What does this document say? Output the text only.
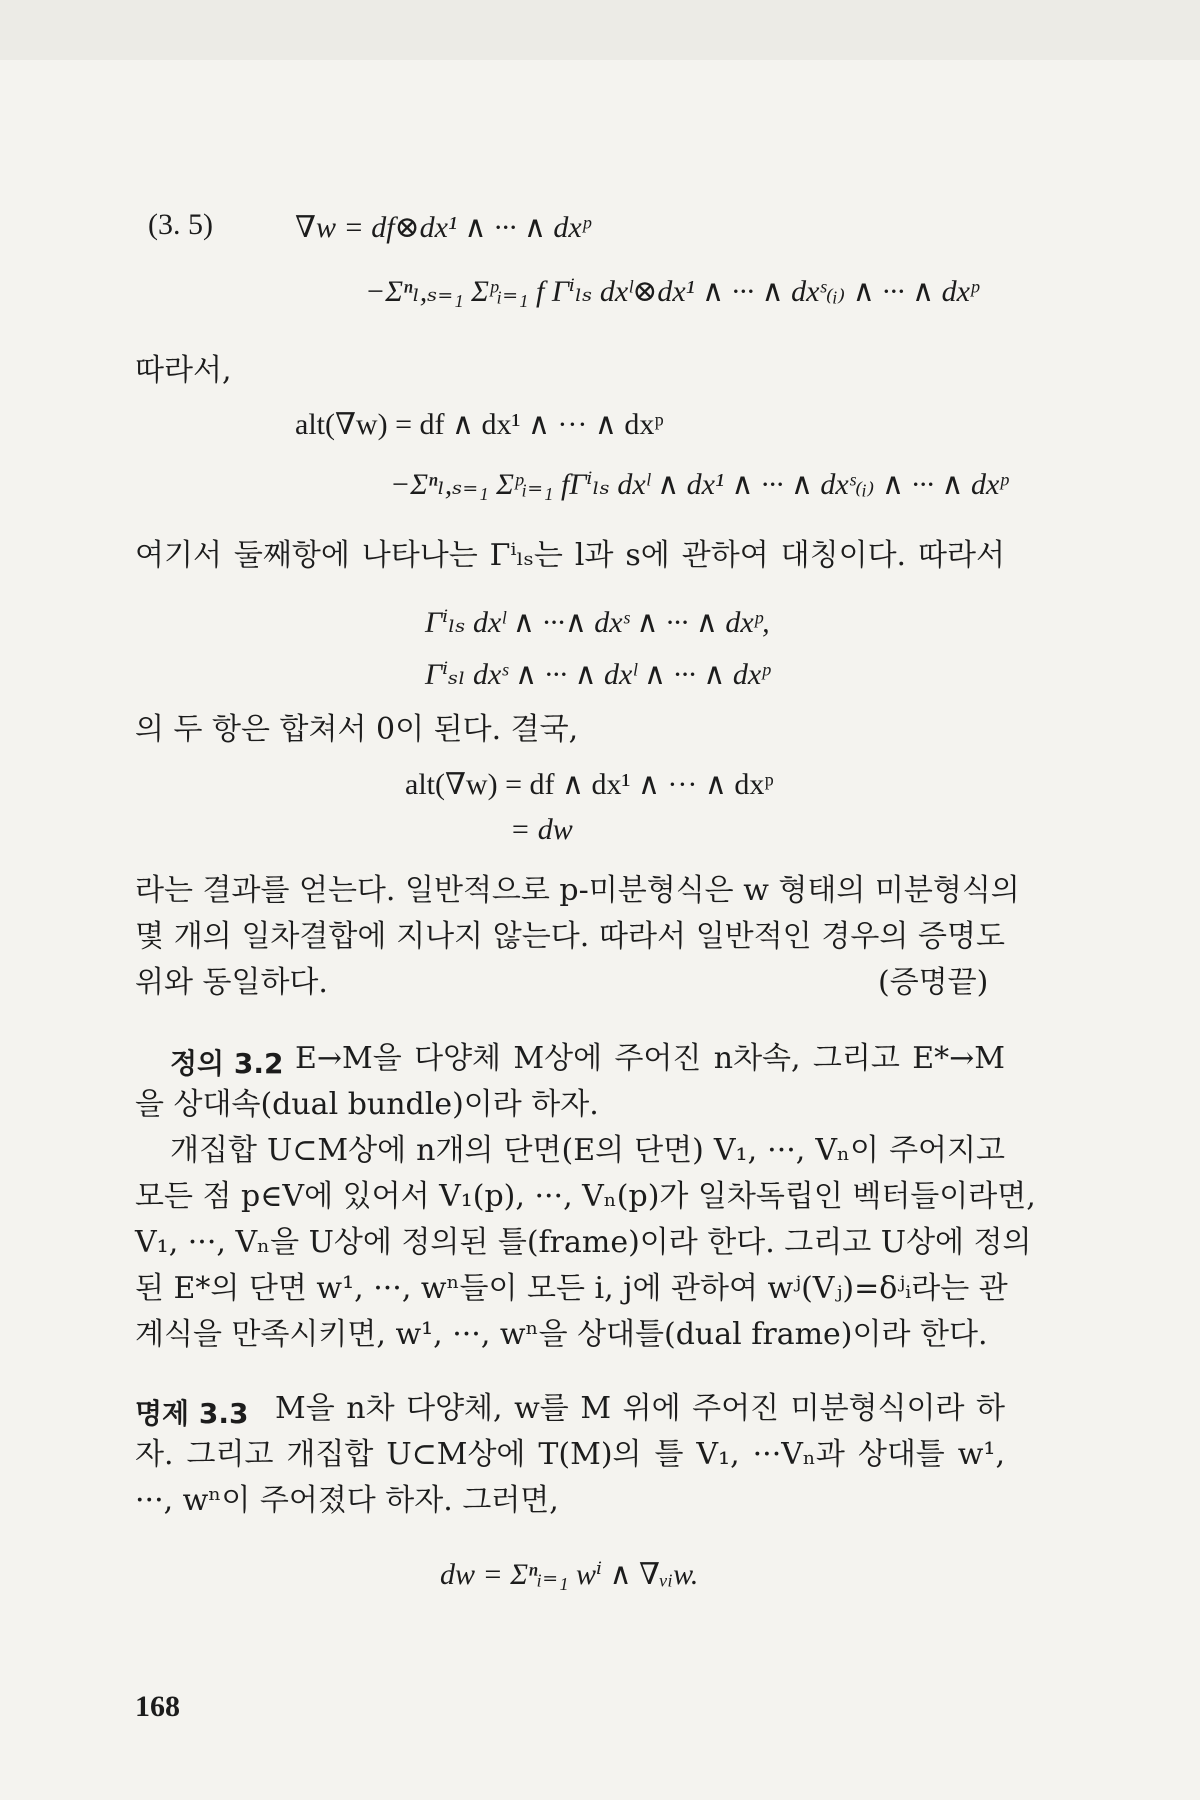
(3. 5)	∇w = df⊗dx¹ ∧ ··· ∧ dxᵖ
−Σⁿₗ,ₛ₌₁ Σᵖᵢ₌₁ f Γⁱₗₛ dxˡ⊗dx¹ ∧ ··· ∧ dxˢ₍ᵢ₎ ∧ ··· ∧ dxᵖ
따라서,
alt(∇w) = df ∧ dx¹ ∧ ··· ∧ dxᵖ
−Σⁿₗ,ₛ₌₁ Σᵖᵢ₌₁ fΓⁱₗₛ dxˡ ∧ dx¹ ∧ ··· ∧ dxˢ₍ᵢ₎ ∧ ··· ∧ dxᵖ
여기서 둘째항에 나타나는 Γⁱₗₛ는 l과 s에 관하여 대칭이다. 따라서
Γⁱₗₛ dxˡ ∧ ···∧ dxˢ ∧ ··· ∧ dxᵖ,
Γⁱₛₗ dxˢ ∧ ··· ∧ dxˡ ∧ ··· ∧ dxᵖ
의 두 항은 합쳐서 0이 된다. 결국,
alt(∇w) = df ∧ dx¹ ∧ ··· ∧ dxᵖ
= dw
라는 결과를 얻는다. 일반적으로 p-미분형식은 w 형태의 미분형식의
몇 개의 일차결합에 지나지 않는다. 따라서 일반적인 경우의 증명도
위와 동일하다.	(증명끝)
정의 3.2 E→M을 다양체 M상에 주어진 n차속, 그리고 E*→M
을 상대속(dual bundle)이라 하자.
개집합 U⊂M상에 n개의 단면(E의 단면) V₁, ···, Vₙ이 주어지고
모든 점 p∈V에 있어서 V₁(p), ···, Vₙ(p)가 일차독립인 벡터들이라면,
V₁, ···, Vₙ을 U상에 정의된 틀(frame)이라 한다. 그리고 U상에 정의
된 E*의 단면 w¹, ···, wⁿ들이 모든 i, j에 관하여 wʲ(Vⱼ)=δʲᵢ라는 관
계식을 만족시키면, w¹, ···, wⁿ을 상대틀(dual frame)이라 한다.
명제 3.3 M을 n차 다양체, w를 M 위에 주어진 미분형식이라 하
자. 그리고 개집합 U⊂M상에 T(M)의 틀 V₁, ···Vₙ과 상대틀 w¹,
···, wⁿ이 주어졌다 하자. 그러면,
dw = Σⁿᵢ₌₁ wⁱ ∧ ∇ᵥᵢw.
168
